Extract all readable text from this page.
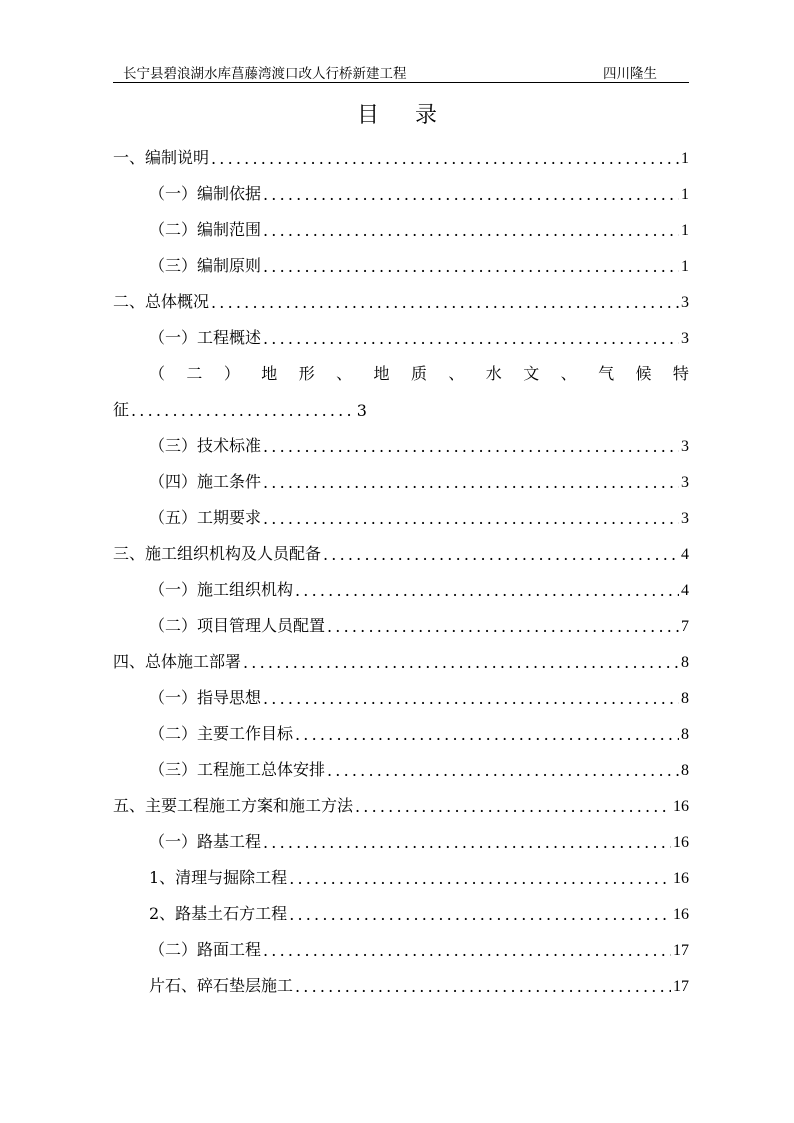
长宁县碧浪湖水库菖藤湾渡口改人行桥新建工程	四川隆生
目录
一、编制说明 .....	1
（一）编制依据 .....	1
（二）编制范围 .....	1
（三）编制原则 .....	1
二、总体概况 .....	3
（一）工程概述 .....	3
（ 二 ） 地 形 、 地 质 、 水 文 、 气 候 特
征 ........................... 3
（三）技术标准 .....	3
（四）施工条件 .....	3
（五）工期要求 .....	3
三、施工组织机构及人员配备 .....	4
（一）施工组织机构 .....	4
（二）项目管理人员配置 .....	7
四、总体施工部署 .....	8
（一）指导思想 .....	8
（二）主要工作目标 .....	8
（三）工程施工总体安排 .....	8
五、主要工程施工方案和施工方法 .....	16
（一）路基工程 .....	16
1、清理与掘除工程 .....	16
2、路基土石方工程 .....	16
（二）路面工程 .....	17
片石、碎石垫层施工 .....	17
